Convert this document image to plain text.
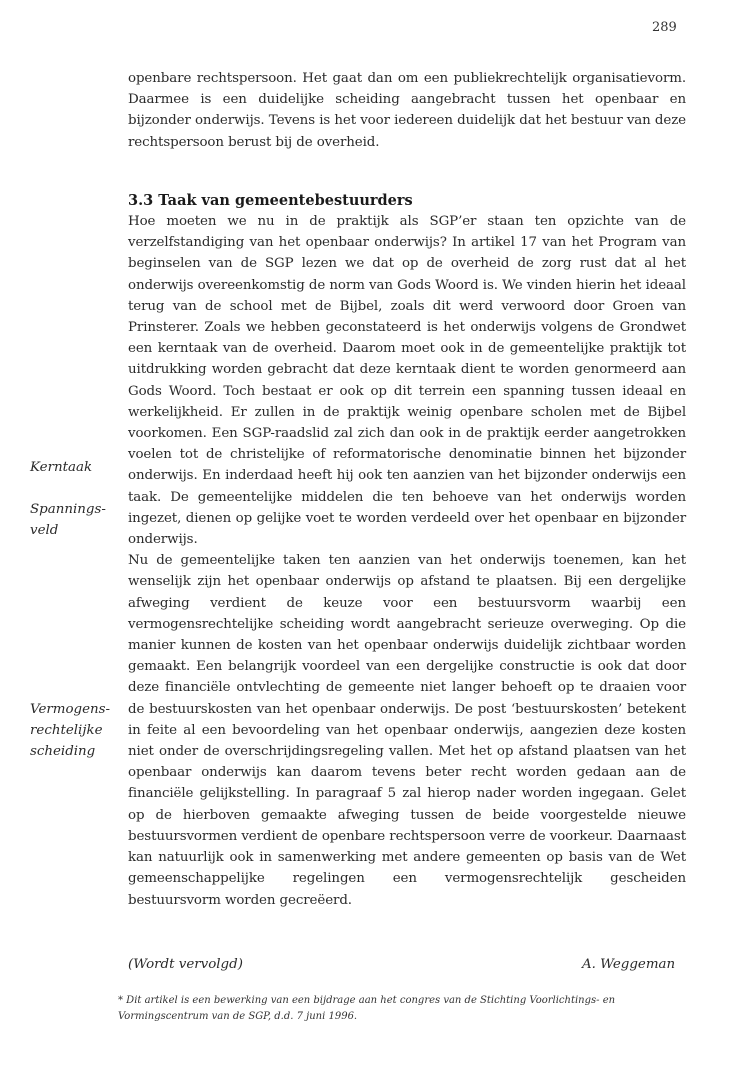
289

openbare rechtspersoon. Het gaat dan om een publiekrechtelijk organisatievorm. Daarmee is een duidelijke scheiding aangebracht tussen het openbaar en bijzonder onderwijs. Tevens is het voor iedereen duidelijk dat het bestuur van deze rechtspersoon berust bij de overheid.

3.3 Taak van gemeentebestuurders

Hoe moeten we nu in de praktijk als SGP’er staan ten opzichte van de verzelfstandiging van het openbaar onderwijs? In artikel 17 van het Program van beginselen van de SGP lezen we dat op de overheid de zorg rust dat al het onderwijs overeenkomstig de norm van Gods Woord is. We vinden hierin het ideaal terug van de school met de Bijbel, zoals dit werd verwoord door Groen van Prinsterer. Zoals we hebben geconstateerd is het onderwijs volgens de Grondwet een kerntaak van de overheid. Daarom moet ook in de gemeentelijke praktijk tot uitdrukking worden gebracht dat deze kerntaak dient te worden genormeerd aan Gods Woord. Toch bestaat er ook op dit terrein een spanning tussen ideaal en werkelijkheid. Er zullen in de praktijk weinig openbare scholen met de Bijbel voorkomen. Een SGP-raadslid zal zich dan ook in de praktijk eerder aangetrokken voelen tot de christelijke of reformatorische denominatie binnen het bijzonder onderwijs. En inderdaad heeft hij ook ten aanzien van het bijzonder onderwijs een taak. De gemeentelijke middelen die ten behoeve van het onderwijs worden ingezet, dienen op gelijke voet te worden verdeeld over het openbaar en bijzonder onderwijs.

Nu de gemeentelijke taken ten aanzien van het onderwijs toenemen, kan het wenselijk zijn het openbaar onderwijs op afstand te plaatsen. Bij een dergelijke afweging verdient de keuze voor een bestuursvorm waarbij een vermogensrechtelijke scheiding wordt aangebracht serieuze overweging. Op die manier kunnen de kosten van het openbaar onderwijs duidelijk zichtbaar worden gemaakt. Een belangrijk voordeel van een dergelijke constructie is ook dat door deze financiële ontvlechting de gemeente niet langer behoeft op te draaien voor de bestuurskosten van het openbaar onderwijs. De post ‘bestuurskosten’ betekent in feite al een bevoordeling van het openbaar onderwijs, aangezien deze kosten niet onder de overschrijdingsregeling vallen. Met het op afstand plaatsen van het openbaar onderwijs kan daarom tevens beter recht worden gedaan aan de financiële gelijkstelling. In paragraaf 5 zal hierop nader worden ingegaan. Gelet op de hierboven gemaakte afweging tussen de beide voorgestelde nieuwe bestuursvormen verdient de openbare rechtspersoon verre de voorkeur. Daarnaast kan natuurlijk ook in samenwerking met andere gemeenten op basis van de Wet gemeenschappelijke regelingen een vermogensrechtelijk gescheiden bestuursvorm worden gecreëerd.

Kerntaak
Spannings- veld
Vermogens- rechtelijke scheiding
(Wordt vervolgd)	A. Weggeman

* Dit artikel is een bewerking van een bijdrage aan het congres van de Stichting Voorlichtings- en Vormingscentrum van de SGP, d.d. 7 juni 1996.
